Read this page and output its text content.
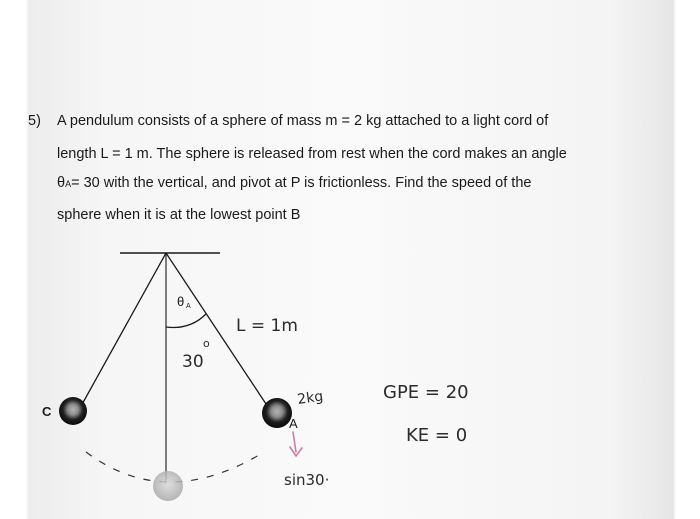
5) A pendulum consists of a sphere of mass m = 2 kg attached to a light cord of
length L = 1 m. The sphere is released from rest when the cord makes an angle
θA= 30 with the vertical, and pivot at P is frictionless. Find the speed of the
sphere when it is at the lowest point B
C
A
θ A
L = 1m
30
o
2kg	GPE = 20
KE = 0
sin30·
